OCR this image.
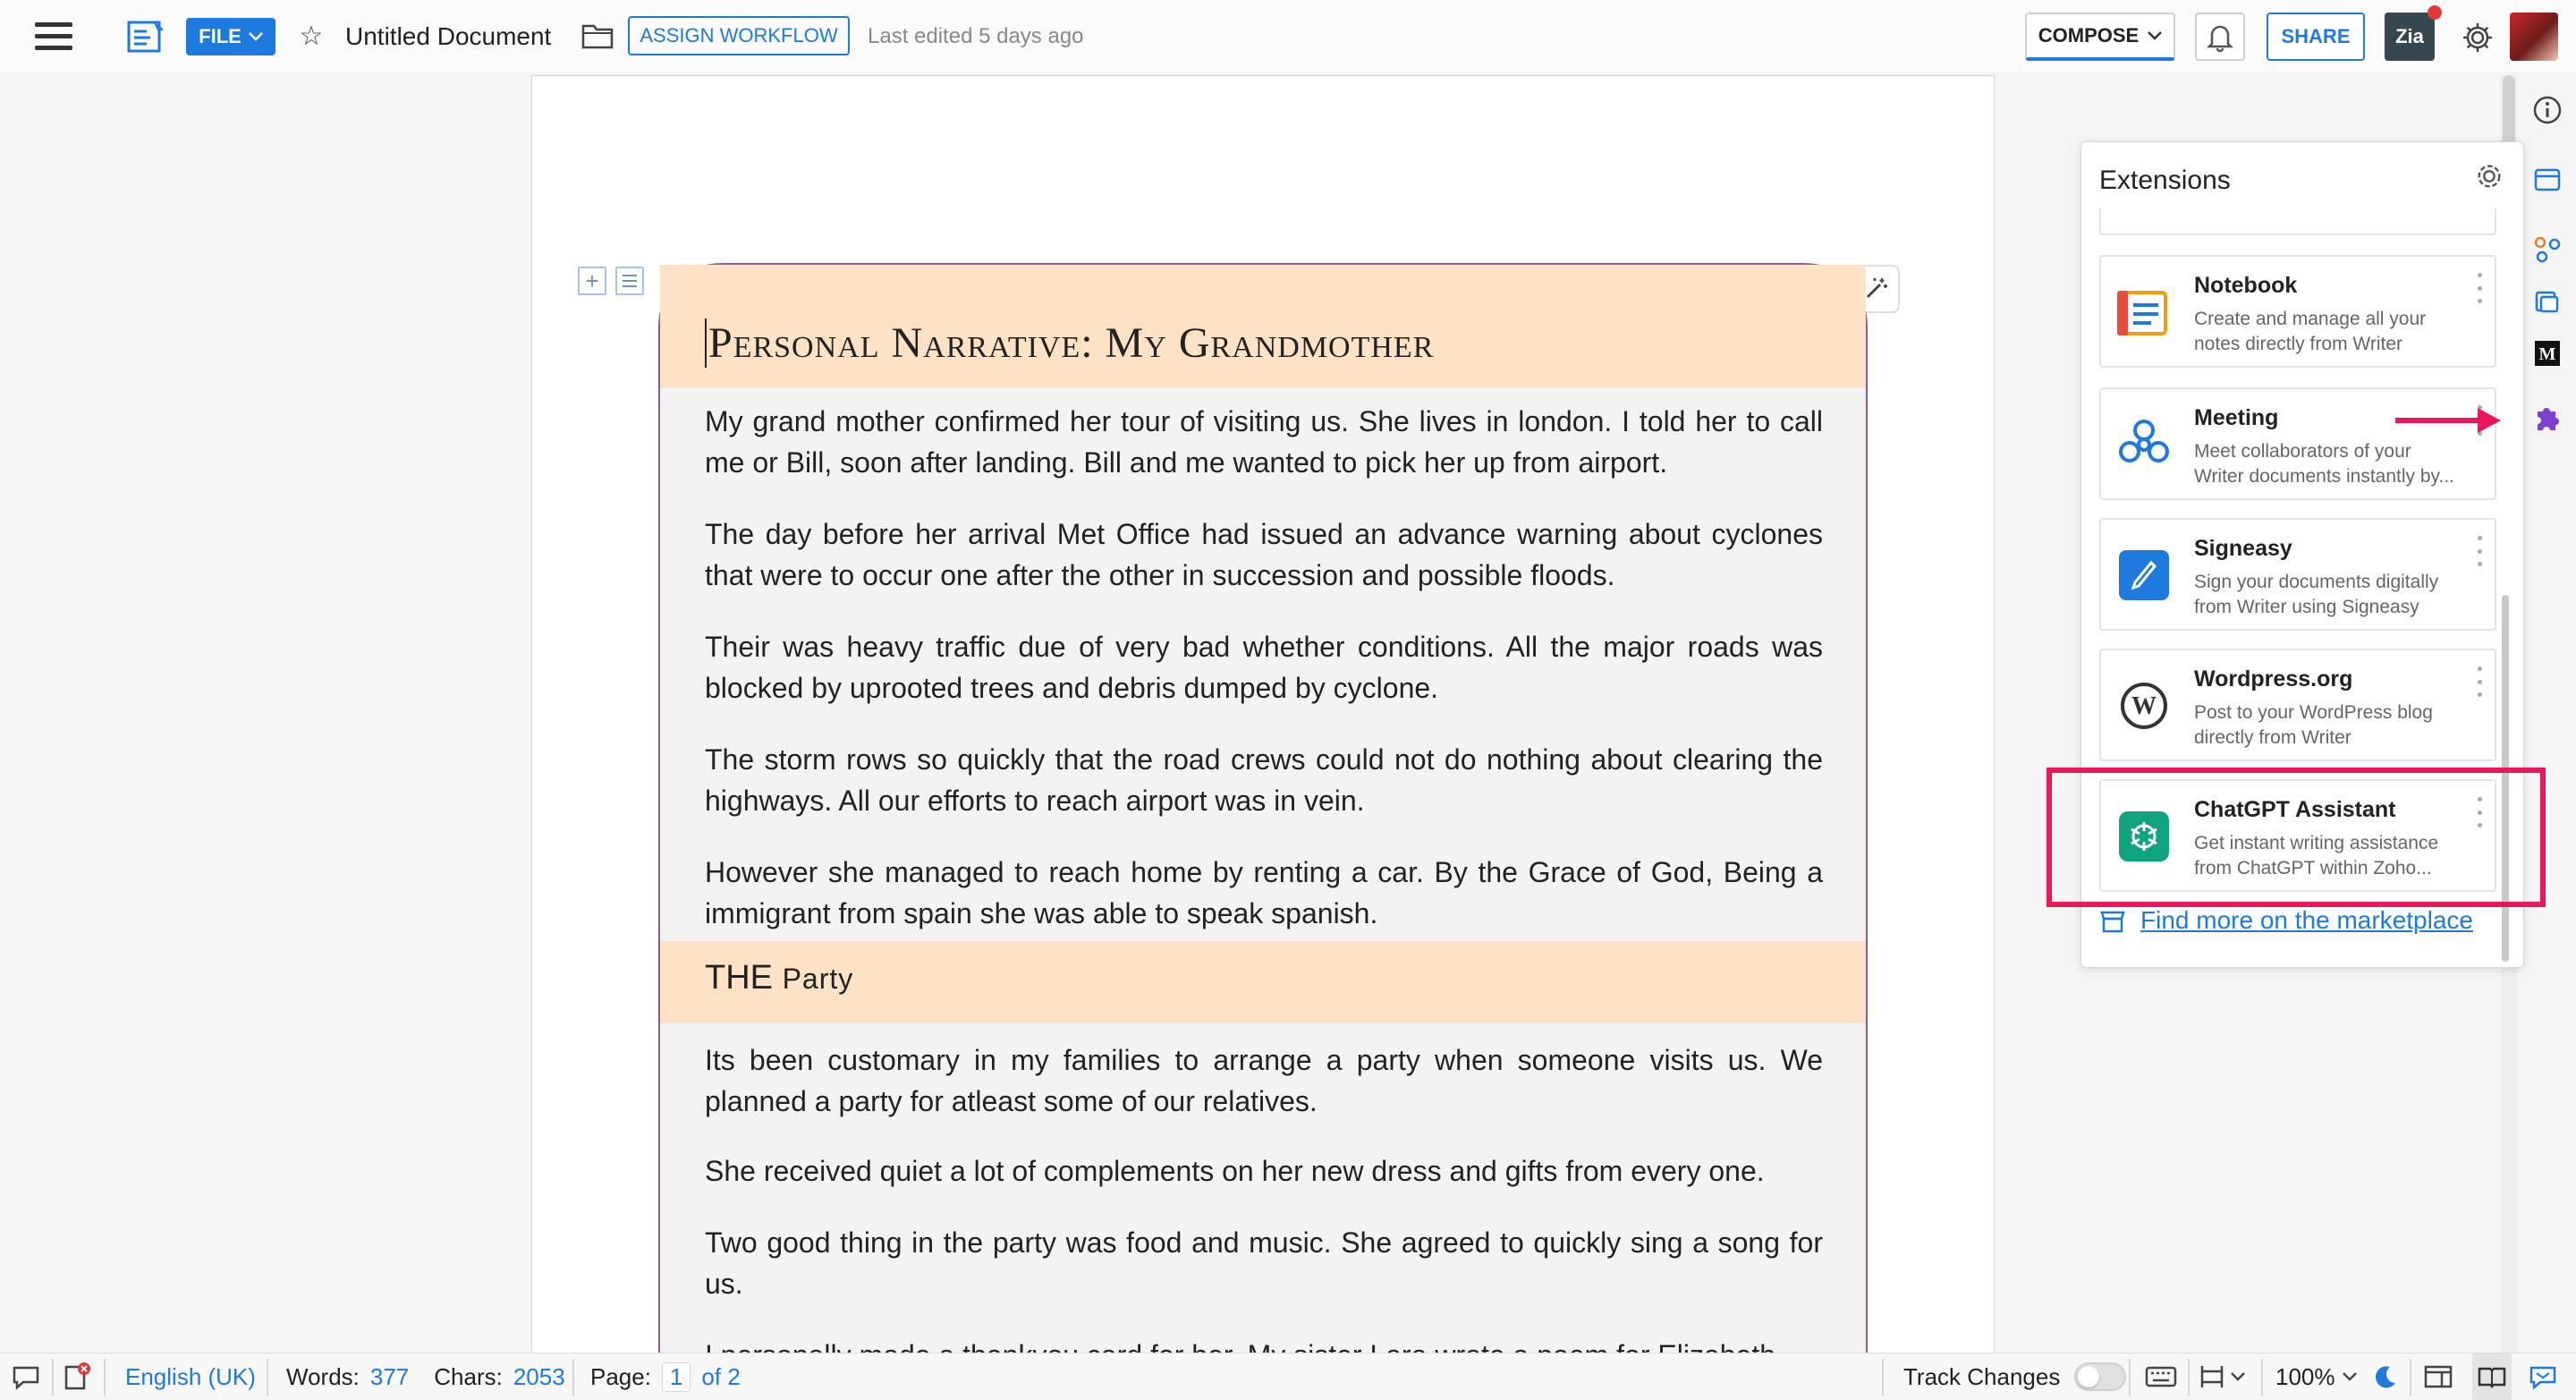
FILE ☆ Untitled Document	ASSIGN WORKFLOW	Last edited 5 days ago	COMPOSE	SHARE	Zia
+
Personal Narrative: My Grandmother

My grand mother confirmed her tour of visiting us. She lives in london. I told her to call me or Bill, soon after landing. Bill and me wanted to pick her up from airport.

The day before her arrival Met Office had issued an advance warning about cyclones that were to occur one after the other in succession and possible floods.

Their was heavy traffic due of very bad whether conditions. All the major roads was blocked by uprooted trees and debris dumped by cyclone.

The storm rows so quickly that the road crews could not do nothing about clearing the highways. All our efforts to reach airport was in vein.

However she managed to reach home by renting a car. By the Grace of God, Being a immigrant from spain she was able to speak spanish.

THE Party

Its been customary in my families to arrange a party when someone visits us. We planned a party for atleast some of our relatives.

She received quiet a lot of complements on her new dress and gifts from every one.

Two good thing in the party was food and music. She agreed to quickly sing a song for us.

M
Extensions
Notebook
Create and manage all your
notes directly from Writer
Meeting
Meet collaborators of your
Writer documents instantly by...
Signeasy
Sign your documents digitally
from Writer using Signeasy
W
Wordpress.org
Post to your WordPress blog
directly from Writer
ChatGPT Assistant
Get instant writing assistance
from ChatGPT within Zoho...
Find more on the marketplace
English (UK) Words: 377 Chars: 2053 Page: 1 of 2	Track Changes	100%
